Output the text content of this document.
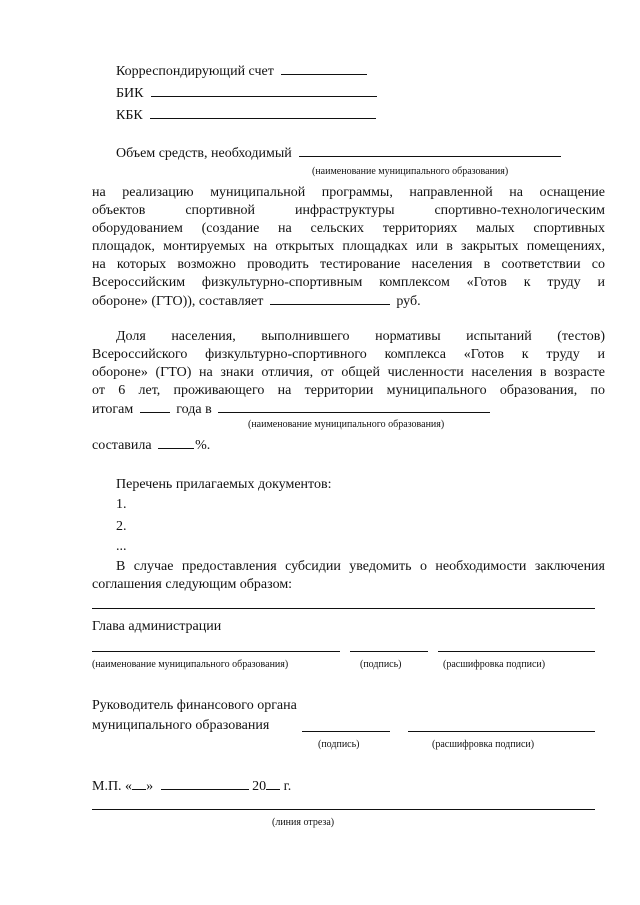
Корреспондирующий счет
БИК
КБК
Объем средств, необходимый
(наименование муниципального образования)
на реализацию муниципальной программы, направленной на оснащение
объектов спортивной инфраструктуры спортивно-технологическим
оборудованием (создание на сельских территориях малых спортивных
площадок, монтируемых на открытых площадках или в закрытых помещениях,
на которых возможно проводить тестирование населения в соответствии со
Всероссийским физкультурно-спортивным комплексом «Готов к труду и
обороне» (ГТО)), составляет	руб.
Доля населения, выполнившего нормативы испытаний (тестов)
Всероссийского физкультурно-спортивного комплекса «Готов к труду и
обороне» (ГТО) на знаки отличия, от общей численности населения в возрасте
от 6 лет, проживающего на территории муниципального образования, по
итогам	года в
(наименование муниципального образования)
составила	%.
Перечень прилагаемых документов:
1.
2.
...
В случае предоставления субсидии уведомить о необходимости заключения
соглашения следующим образом:
Глава администрации
(наименование муниципального образования)	(подпись)	(расшифровка подписи)
Руководитель финансового органа
муниципального образования
(подпись)	(расшифровка подписи)
М.П. « »	20 г.
(линия отреза)
